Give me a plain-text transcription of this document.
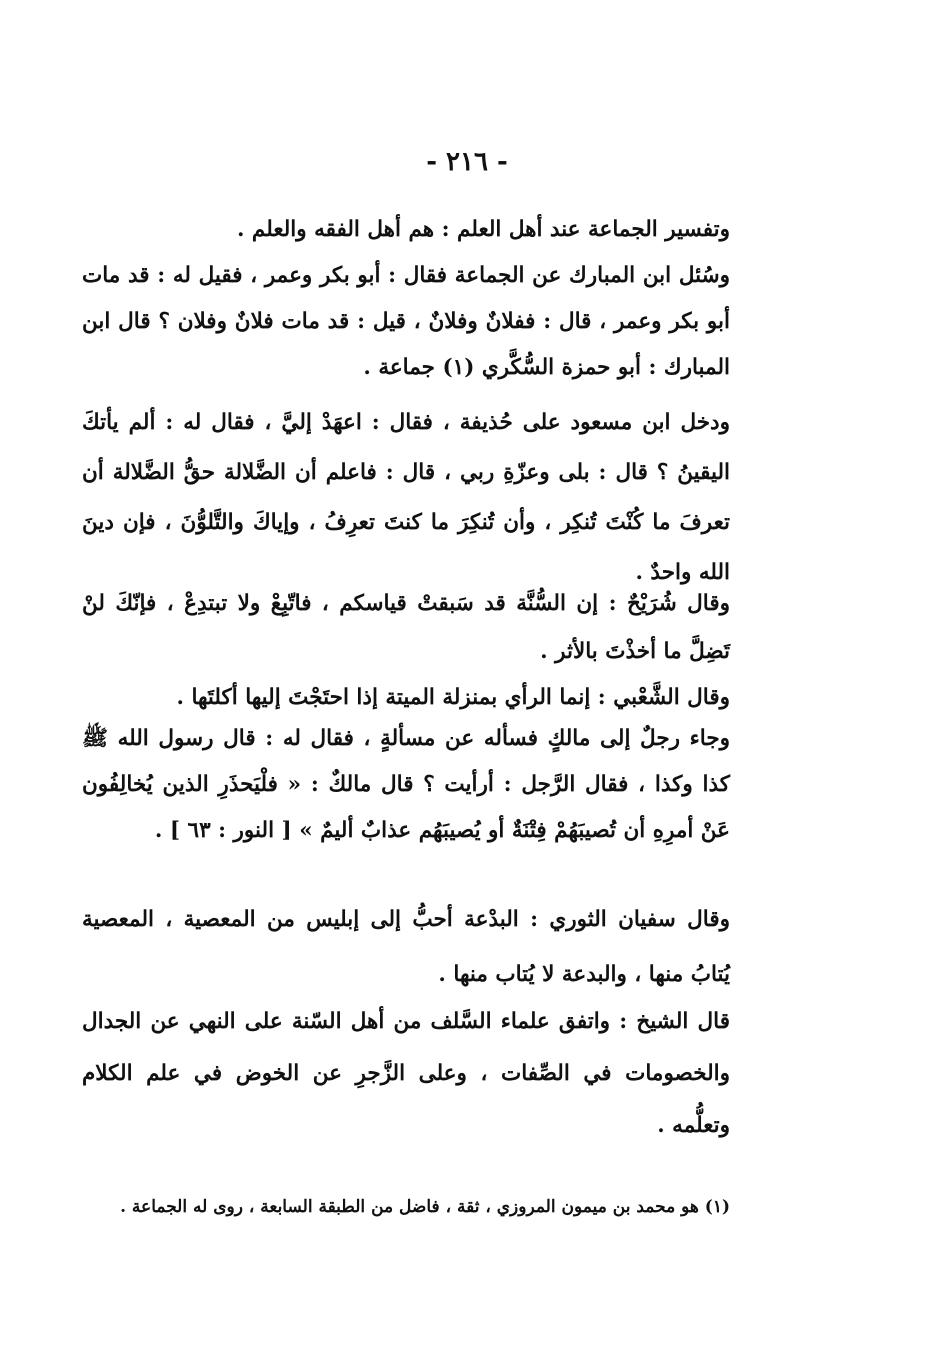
- ٢١٦ -

وتفسير الجماعة عند أهل العلم : هم أهل الفقه والعلم .

وسُئل ابن المبارك عن الجماعة فقال : أبو بكر وعمر ، فقيل له : قد مات أبو بكر وعمر ، قال : ففلانٌ وفلانٌ ، قيل : قد مات فلانٌ وفلان ؟ قال ابن المبارك : أبو حمزة السُّكَّري (١) جماعة .

ودخل ابن مسعود على حُذيفة ، فقال : اعهَدْ إليَّ ، فقال له : ألم يأتكَ اليقينُ ؟ قال : بلى وعزّةِ ربي ، قال : فاعلم أن الضَّلالة حقُّ الضَّلالة أن تعرفَ ما كُنْتَ تُنكِر ، وأن تُنكِرَ ما كنتَ تعرِفُ ، وإياكَ والتَّلوُّنَ ، فإن دينَ الله واحدٌ .

وقال شُرَيْحٌ : إن السُّنَّة قد سَبقتْ قياسكم ، فاتّبِعْ ولا تبتدِعْ ، فإنّكَ لنْ تَضِلَّ ما أخذْتَ بالأثر .

وقال الشَّعْبي : إنما الرأي بمنزلة الميتة إذا احتَجْتَ إليها أكلتَها .

وجاء رجلٌ إلى مالكٍ فسأله عن مسألةٍ ، فقال له : قال رسول الله ﷺ كذا وكذا ، فقال الرَّجل : أرأيت ؟ قال مالكٌ : « فلْيَحذَرِ الذين يُخالِفُون عَنْ أمرِهِ أن تُصيبَهُمْ فِتْنَةٌ أو يُصيبَهُم عذابٌ أليمٌ » [ النور : ٦٣ ] .

وقال سفيان الثوري : البدْعة أحبُّ إلى إبليس من المعصية ، المعصية يُتابُ منها ، والبدعة لا يُتاب منها .

قال الشيخ : واتفق علماء السَّلف من أهل السّنة على النهي عن الجدال والخصومات في الصِّفات ، وعلى الزَّجرِ عن الخوض في علم الكلام وتعلُّمه .

(١) هو محمد بن ميمون المروزي ، ثقة ، فاضل من الطبقة السابعة ، روى له الجماعة .
